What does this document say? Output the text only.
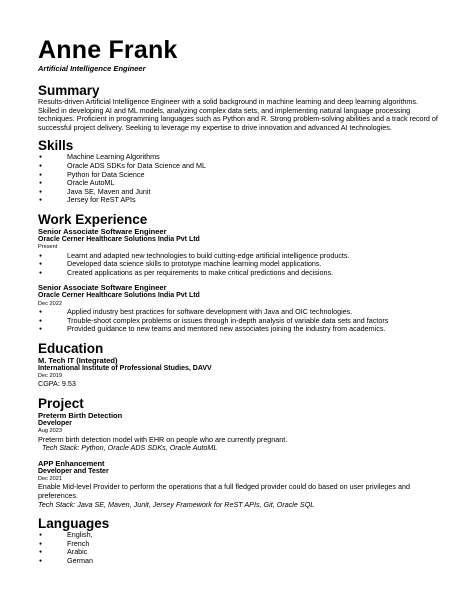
Anne Frank
Artificial Intelligence Engineer
Summary
Results-driven Artificial Intelligence Engineer with a solid background in machine learning and deep learning algorithms. Skilled in developing AI and ML models, analyzing complex data sets, and implementing natural language processing techniques. Proficient in programming languages such as Python and R. Strong problem-solving abilities and a track record of successful project delivery. Seeking to leverage my expertise to drive innovation and advanced AI technologies.
Skills
● Machine Learning Algorithms
● Oracle ADS SDKs for Data Science and ML
● Python for Data Science
● Oracle AutoML
● Java SE, Maven and Junit
● Jersey for ReST APIs
Work Experience
Senior Associate Software Engineer
Oracle Cerner Healthcare Solutions India Pvt Ltd
Present
● Learnt and adapted new technologies to build cutting-edge artificial intelligence products.
● Developed data science skills to prototype machine learning model applications.
● Created applications as per requirements to make critical predictions and decisions.
Senior Associate Software Engineer
Oracle Cerner Healthcare Solutions India Pvt Ltd
Dec 2022
● Applied industry best practices for software development with Java and OIC technologies.
● Trouble-shoot complex problems or issues through in-depth analysis of variable data sets and factors
● Provided guidance to new teams and mentored new associates joining the industry from academics.
Education
M. Tech IT (Integrated)
International Institute of Professional Studies, DAVV
Dec 2019
CGPA: 9.53
Project
Preterm Birth Detection
Developer
Aug 2023
Preterm birth detection model with EHR on people who are currently pregnant.
Tech Stack: Python, Oracle ADS SDKs, Oracle AutoML
APP Enhancement
Developer and Tester
Dec 2021
Enable Mid-level Provider to perform the operations that a full fledged provider could do based on user privileges and preferences.
Tech Stack: Java SE, Maven, Junit, Jersey Framework for ReST APIs, Git, Oracle SQL
Languages
● English,
● French
● Arabic
● German
